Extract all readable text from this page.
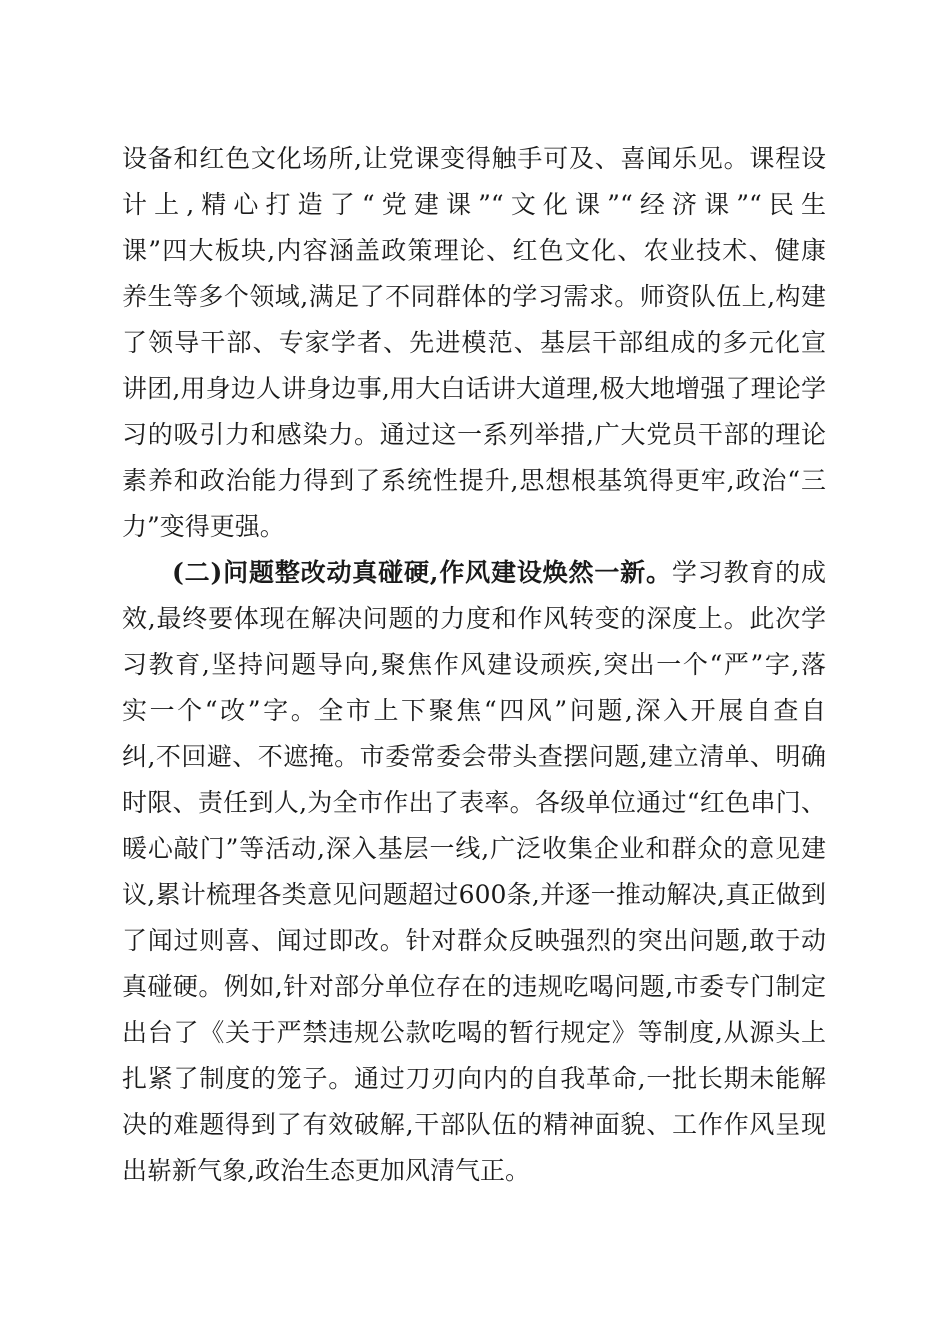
设备和红色文化场所,让党课变得触手可及、喜闻乐见。课程设
计上,精心打造了“党建课”“文化课”“经济课”“民生
课”四大板块,内容涵盖政策理论、红色文化、农业技术、健康
养生等多个领域,满足了不同群体的学习需求。师资队伍上,构建
了领导干部、专家学者、先进模范、基层干部组成的多元化宣
讲团,用身边人讲身边事,用大白话讲大道理,极大地增强了理论学
习的吸引力和感染力。通过这一系列举措,广大党员干部的理论
素养和政治能力得到了系统性提升,思想根基筑得更牢,政治“三
力”变得更强。
(二)问题整改动真碰硬,作风建设焕然一新。学习教育的成
效,最终要体现在解决问题的力度和作风转变的深度上。此次学
习教育,坚持问题导向,聚焦作风建设顽疾,突出一个“严”字,落
实一个“改”字。全市上下聚焦“四风”问题,深入开展自查自
纠,不回避、不遮掩。市委常委会带头查摆问题,建立清单、明确
时限、责任到人,为全市作出了表率。各级单位通过“红色串门、
暖心敲门”等活动,深入基层一线,广泛收集企业和群众的意见建
议,累计梳理各类意见问题超过600条,并逐一推动解决,真正做到
了闻过则喜、闻过即改。针对群众反映强烈的突出问题,敢于动
真碰硬。例如,针对部分单位存在的违规吃喝问题,市委专门制定
出台了《关于严禁违规公款吃喝的暂行规定》等制度,从源头上
扎紧了制度的笼子。通过刀刃向内的自我革命,一批长期未能解
决的难题得到了有效破解,干部队伍的精神面貌、工作作风呈现
出崭新气象,政治生态更加风清气正。
